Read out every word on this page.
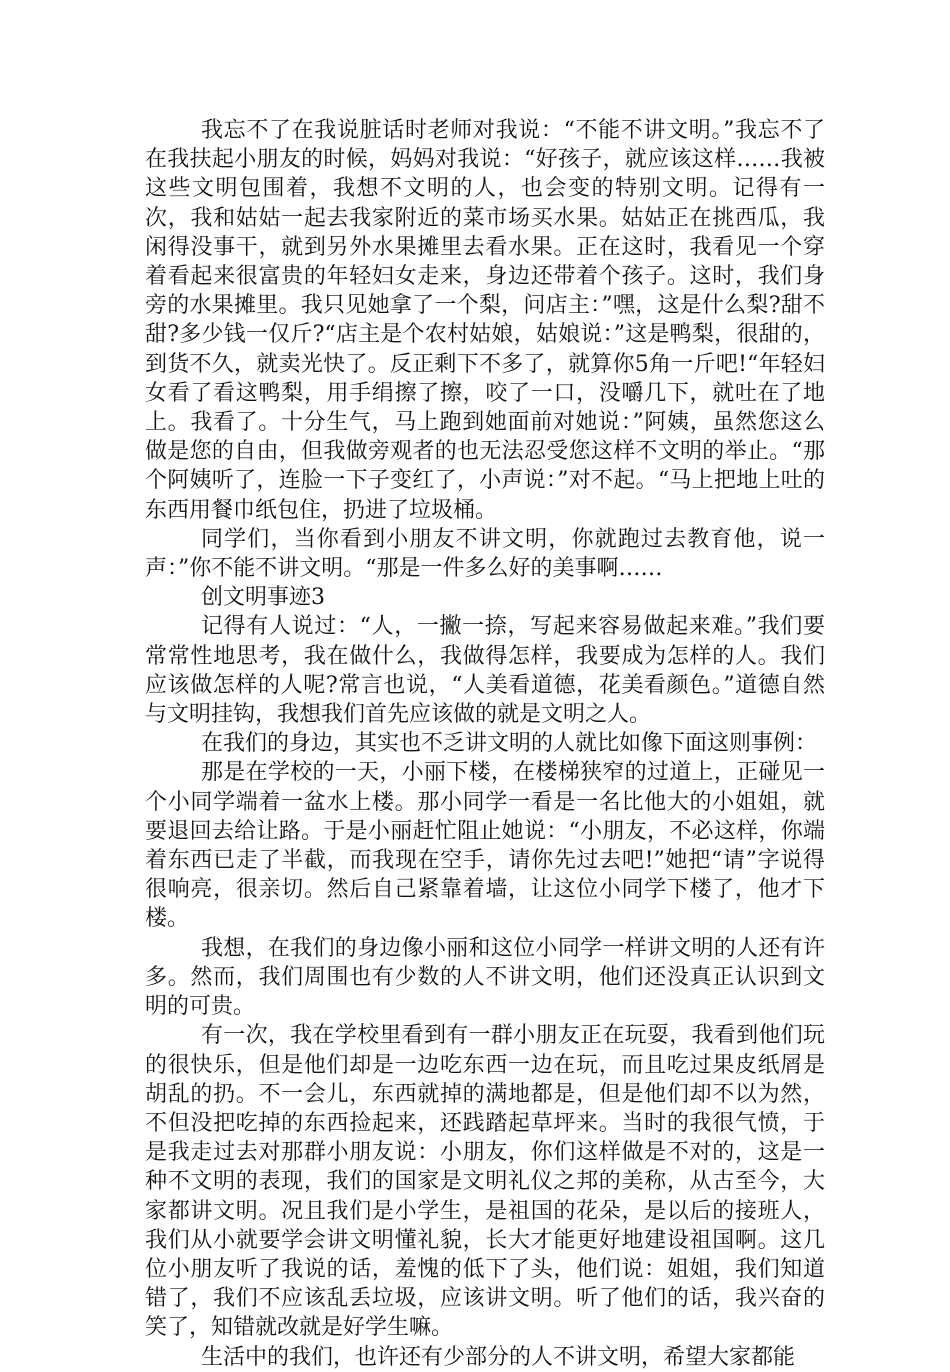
我忘不了在我说脏话时老师对我说：“不能不讲文明。”我忘不了在我扶起小朋友的时候，妈妈对我说：“好孩子，就应该这样……我被这些文明包围着，我想不文明的人，也会变的特别文明。记得有一次，我和姑姑一起去我家附近的菜市场买水果。姑姑正在挑西瓜，我闲得没事干，就到另外水果摊里去看水果。正在这时，我看见一个穿着看起来很富贵的年轻妇女走来，身边还带着个孩子。这时，我们身旁的水果摊里。我只见她拿了一个梨，问店主：”嘿，这是什么梨?甜不甜?多少钱一仅斤?“店主是个农村姑娘，姑娘说：”这是鸭梨，很甜的，到货不久，就卖光快了。反正剩下不多了，就算你5角一斤吧!“年轻妇女看了看这鸭梨，用手绢擦了擦，咬了一口，没嚼几下，就吐在了地上。我看了。十分生气，马上跑到她面前对她说：”阿姨，虽然您这么做是您的自由，但我做旁观者的也无法忍受您这样不文明的举止。“那个阿姨听了，连脸一下子变红了，小声说：”对不起。“马上把地上吐的东西用餐巾纸包住，扔进了垃圾桶。

同学们，当你看到小朋友不讲文明，你就跑过去教育他，说一声：”你不能不讲文明。“那是一件多么好的美事啊……

创文明事迹3

记得有人说过：“人，一撇一捺，写起来容易做起来难。”我们要常常性地思考，我在做什么，我做得怎样，我要成为怎样的人。我们应该做怎样的人呢?常言也说，“人美看道德，花美看颜色。”道德自然与文明挂钩，我想我们首先应该做的就是文明之人。

在我们的身边，其实也不乏讲文明的人就比如像下面这则事例：

那是在学校的一天，小丽下楼，在楼梯狭窄的过道上，正碰见一个小同学端着一盆水上楼。那小同学一看是一名比他大的小姐姐，就要退回去给让路。于是小丽赶忙阻止她说：“小朋友，不必这样，你端着东西已走了半截，而我现在空手，请你先过去吧!”她把“请”字说得很响亮，很亲切。然后自己紧靠着墙，让这位小同学下楼了，他才下楼。

我想，在我们的身边像小丽和这位小同学一样讲文明的人还有许多。然而，我们周围也有少数的人不讲文明，他们还没真正认识到文明的可贵。

有一次，我在学校里看到有一群小朋友正在玩耍，我看到他们玩的很快乐，但是他们却是一边吃东西一边在玩，而且吃过果皮纸屑是胡乱的扔。不一会儿，东西就掉的满地都是，但是他们却不以为然，不但没把吃掉的东西捡起来，还践踏起草坪来。当时的我很气愤，于是我走过去对那群小朋友说：小朋友，你们这样做是不对的，这是一种不文明的表现，我们的国家是文明礼仪之邦的美称，从古至今，大家都讲文明。况且我们是小学生，是祖国的花朵，是以后的接班人，我们从小就要学会讲文明懂礼貌，长大才能更好地建设祖国啊。这几位小朋友听了我说的话，羞愧的低下了头，他们说：姐姐，我们知道错了，我们不应该乱丢垃圾，应该讲文明。听了他们的话，我兴奋的笑了，知错就改就是好学生嘛。

生活中的我们，也许还有少部分的人不讲文明，希望大家都能
